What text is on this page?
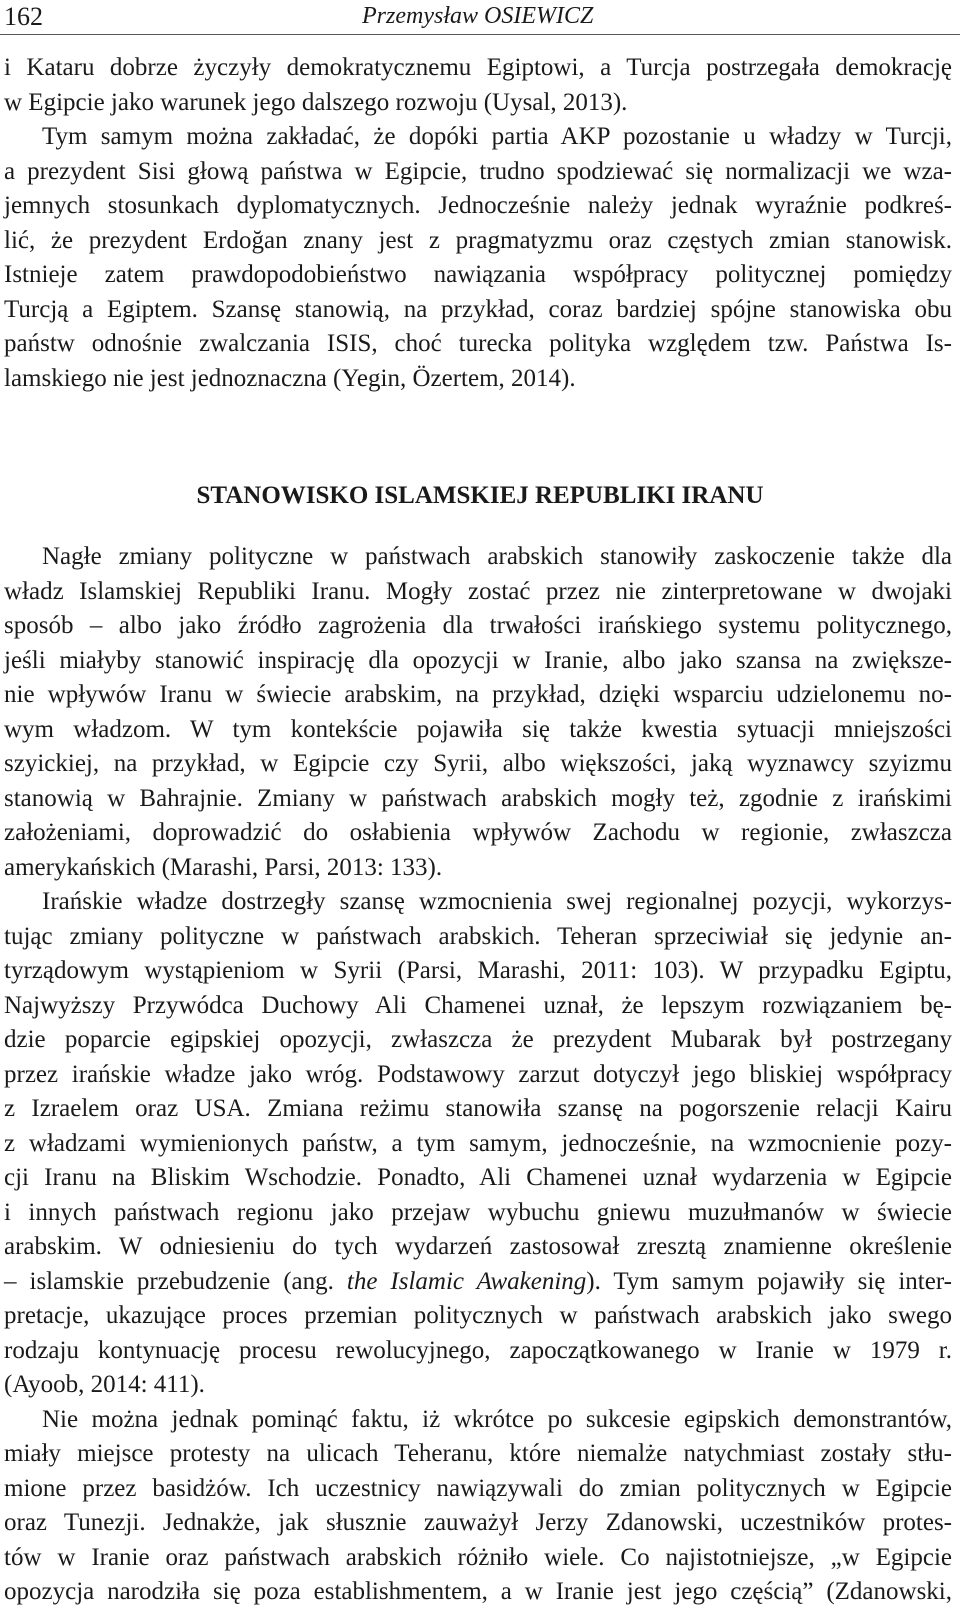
162	Przemysław OSIEWICZ
i Kataru dobrze życzyły demokratycznemu Egiptowi, a Turcja postrzegała demokrację
w Egipcie jako warunek jego dalszego rozwoju (Uysal, 2013).
Tym samym można zakładać, że dopóki partia AKP pozostanie u władzy w Turcji,
a prezydent Sisi głową państwa w Egipcie, trudno spodziewać się normalizacji we wza-
jemnych stosunkach dyplomatycznych. Jednocześnie należy jednak wyraźnie podkreś-
lić, że prezydent Erdoğan znany jest z pragmatyzmu oraz częstych zmian stanowisk.
Istnieje zatem prawdopodobieństwo nawiązania współpracy politycznej pomiędzy
Turcją a Egiptem. Szansę stanowią, na przykład, coraz bardziej spójne stanowiska obu
państw odnośnie zwalczania ISIS, choć turecka polityka względem tzw. Państwa Is-
lamskiego nie jest jednoznaczna (Yegin, Özertem, 2014).
STANOWISKO ISLAMSKIEJ REPUBLIKI IRANU
Nagłe zmiany polityczne w państwach arabskich stanowiły zaskoczenie także dla
władz Islamskiej Republiki Iranu. Mogły zostać przez nie zinterpretowane w dwojaki
sposób – albo jako źródło zagrożenia dla trwałości irańskiego systemu politycznego,
jeśli miałyby stanowić inspirację dla opozycji w Iranie, albo jako szansa na zwiększe-
nie wpływów Iranu w świecie arabskim, na przykład, dzięki wsparciu udzielonemu no-
wym władzom. W tym kontekście pojawiła się także kwestia sytuacji mniejszości
szyickiej, na przykład, w Egipcie czy Syrii, albo większości, jaką wyznawcy szyizmu
stanowią w Bahrajnie. Zmiany w państwach arabskich mogły też, zgodnie z irańskimi
założeniami, doprowadzić do osłabienia wpływów Zachodu w regionie, zwłaszcza
amerykańskich (Marashi, Parsi, 2013: 133).
Irańskie władze dostrzegły szansę wzmocnienia swej regionalnej pozycji, wykorzys-
tując zmiany polityczne w państwach arabskich. Teheran sprzeciwiał się jedynie an-
tyrządowym wystąpieniom w Syrii (Parsi, Marashi, 2011: 103). W przypadku Egiptu,
Najwyższy Przywódca Duchowy Ali Chamenei uznał, że lepszym rozwiązaniem bę-
dzie poparcie egipskiej opozycji, zwłaszcza że prezydent Mubarak był postrzegany
przez irańskie władze jako wróg. Podstawowy zarzut dotyczył jego bliskiej współpracy
z Izraelem oraz USA. Zmiana reżimu stanowiła szansę na pogorszenie relacji Kairu
z władzami wymienionych państw, a tym samym, jednocześnie, na wzmocnienie pozy-
cji Iranu na Bliskim Wschodzie. Ponadto, Ali Chamenei uznał wydarzenia w Egipcie
i innych państwach regionu jako przejaw wybuchu gniewu muzułmanów w świecie
arabskim. W odniesieniu do tych wydarzeń zastosował zresztą znamienne określenie
– islamskie przebudzenie (ang. the Islamic Awakening). Tym samym pojawiły się inter-
pretacje, ukazujące proces przemian politycznych w państwach arabskich jako swego
rodzaju kontynuację procesu rewolucyjnego, zapoczątkowanego w Iranie w 1979 r.
(Ayoob, 2014: 411).
Nie można jednak pominąć faktu, iż wkrótce po sukcesie egipskich demonstrantów,
miały miejsce protesty na ulicach Teheranu, które niemalże natychmiast zostały stłu-
mione przez basidżów. Ich uczestnicy nawiązywali do zmian politycznych w Egipcie
oraz Tunezji. Jednakże, jak słusznie zauważył Jerzy Zdanowski, uczestników protes-
tów w Iranie oraz państwach arabskich różniło wiele. Co najistotniejsze, „w Egipcie
opozycja narodziła się poza establishmentem, a w Iranie jest jego częścią” (Zdanowski,
